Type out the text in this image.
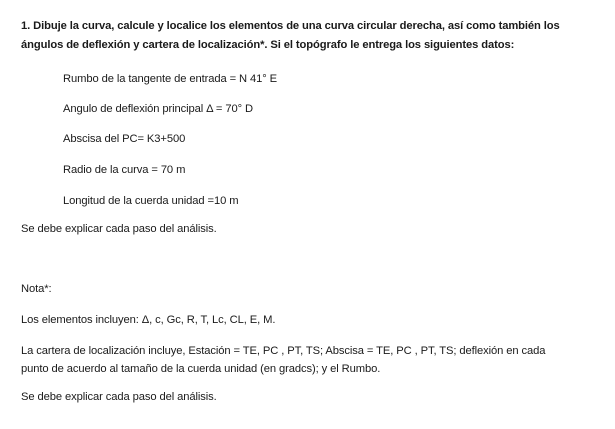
1. Dibuje la curva, calcule y localice los elementos de una curva circular derecha, así como también los
ángulos de deflexión y cartera de localización*. Si el topógrafo le entrega los siguientes datos:
Rumbo de la tangente de entrada = N 41° E
Angulo de deflexión principal Δ = 70° D
Abscisa del PC= K3+500
Radio de la curva = 70 m
Longitud de la cuerda unidad =10 m
Se debe explicar cada paso del análisis.
Nota*:
Los elementos incluyen: Δ, c, Gc, R, T, Lc, CL, E, M.
La cartera de localización incluye, Estación = TE, PC , PT, TS; Abscisa = TE, PC , PT, TS; deflexión en cada
punto de acuerdo al tamaño de la cuerda unidad (en gradcs); y el Rumbo.
Se debe explicar cada paso del análisis.
